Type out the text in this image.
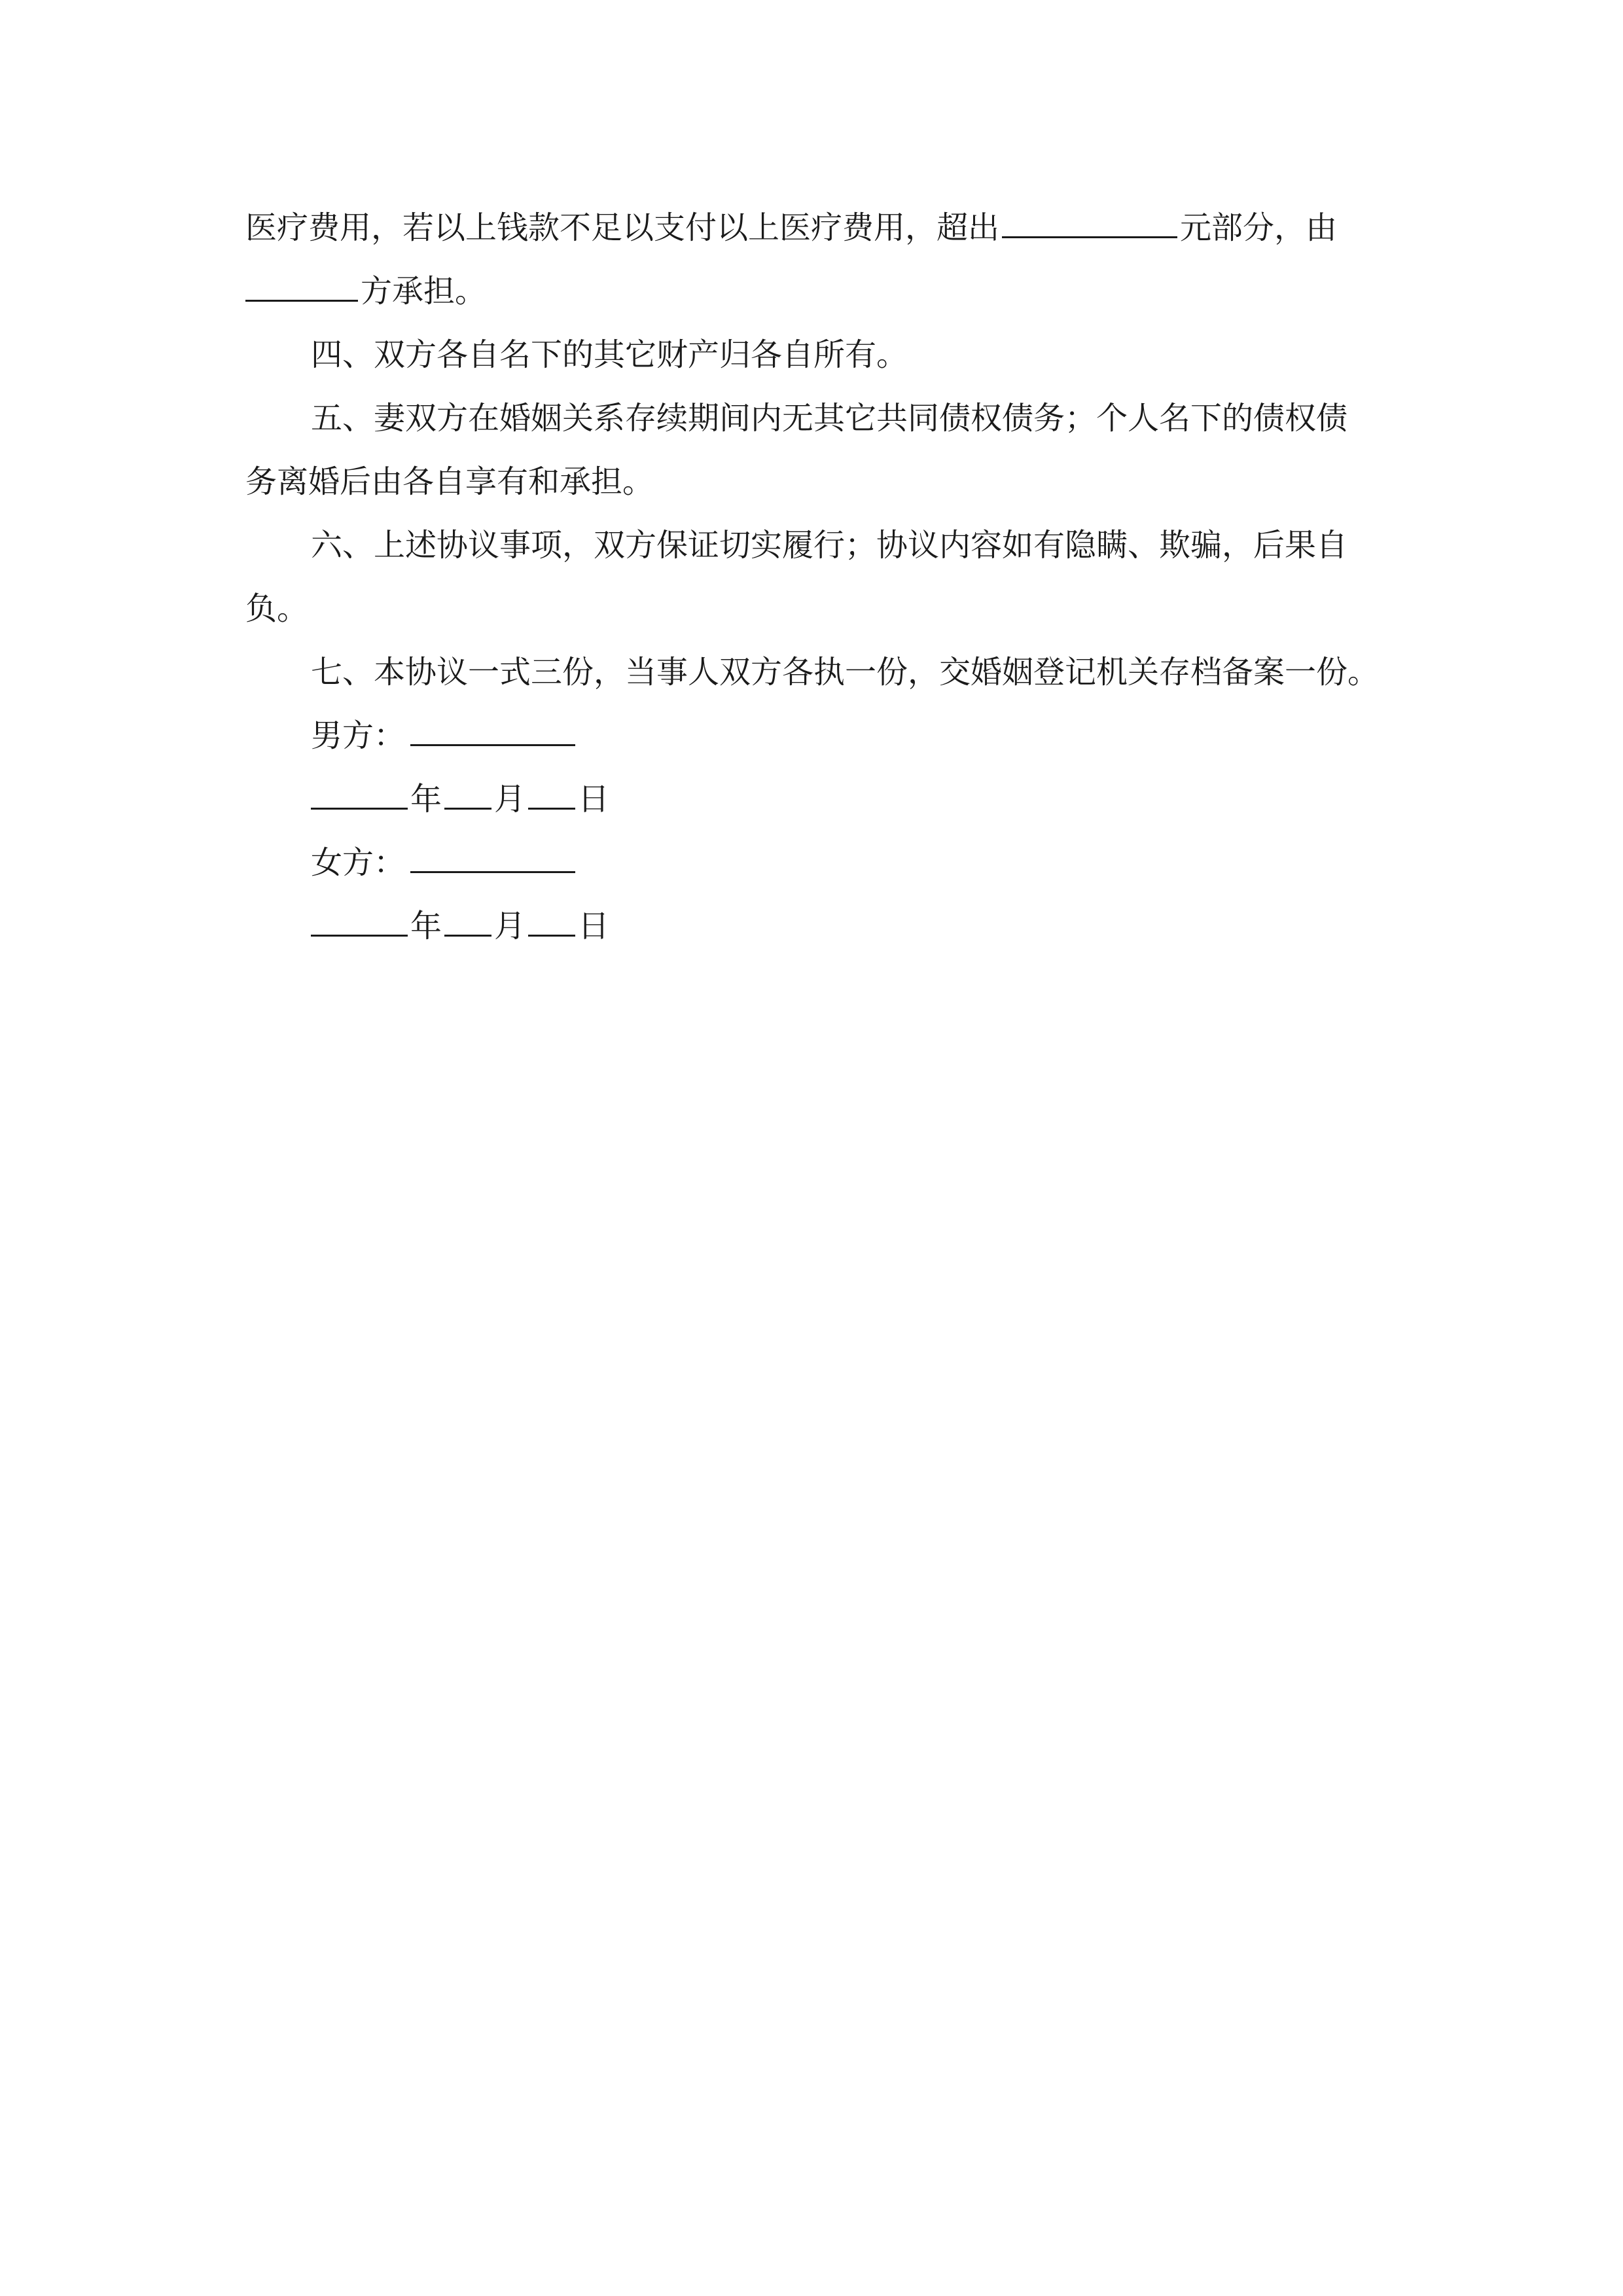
医疗费用，若以上钱款不足以支付以上医疗费用，超出	元部分，由
方承担。
四、双方各自名下的其它财产归各自所有。
五、妻双方在婚姻关系存续期间内无其它共同债权债务；个人名下的债权债
务离婚后由各自享有和承担。
六、上述协议事项，双方保证切实履行；协议内容如有隐瞒、欺骗，后果自
负。
七、本协议一式三份，当事人双方各执一份，交婚姻登记机关存档备案一份。
男方：
年 月 日
女方：
年 月 日
